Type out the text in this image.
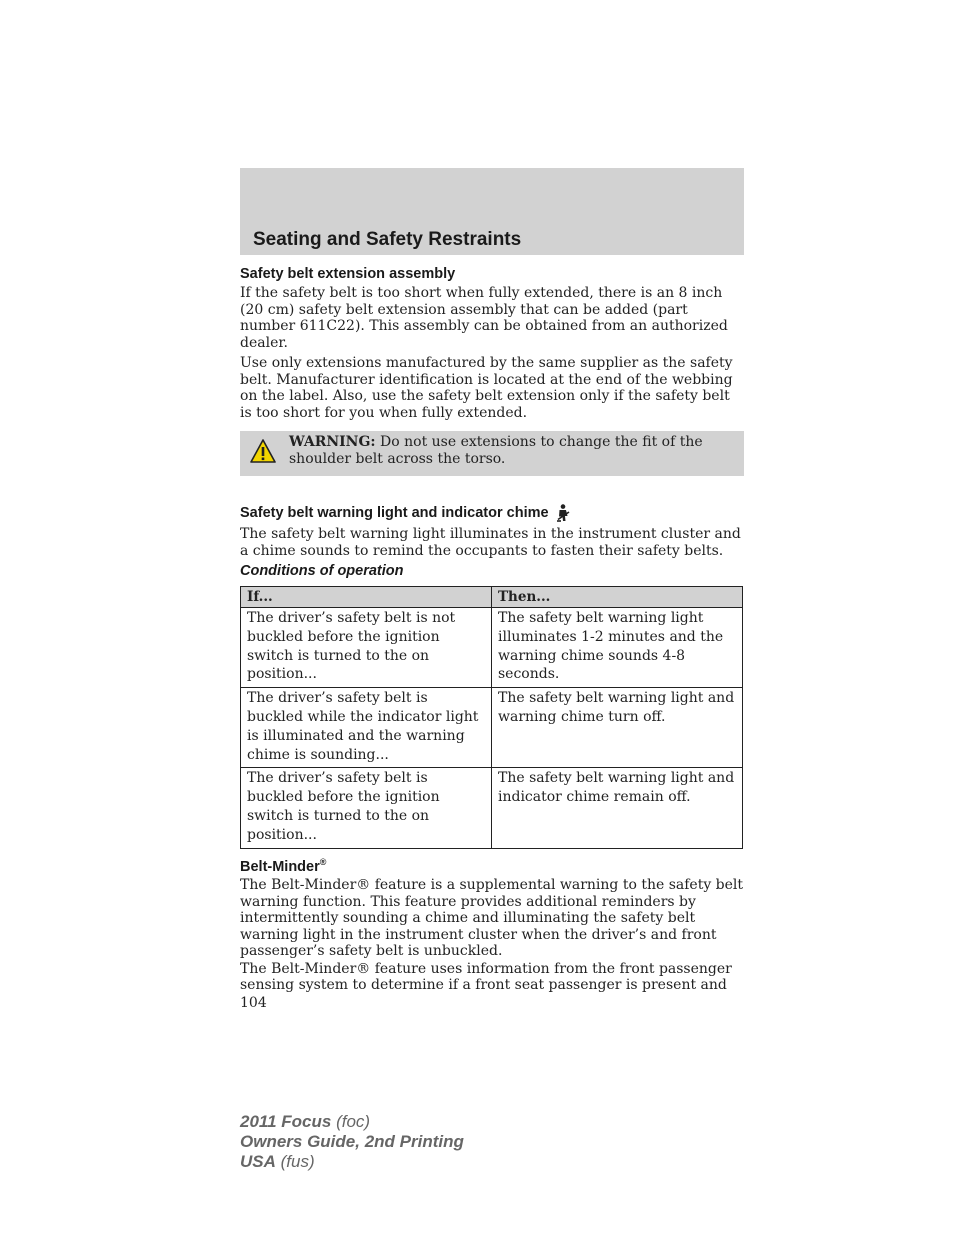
Seating and Safety Restraints
Safety belt extension assembly

If the safety belt is too short when fully extended, there is an 8 inch (20 cm) safety belt extension assembly that can be added (part number 611C22). This assembly can be obtained from an authorized dealer.

Use only extensions manufactured by the same supplier as the safety belt. Manufacturer identification is located at the end of the webbing on the label. Also, use the safety belt extension only if the safety belt is too short for you when fully extended.

WARNING: Do not use extensions to change the fit of the shoulder belt across the torso.
Safety belt warning light and indicator chime

The safety belt warning light illuminates in the instrument cluster and a chime sounds to remind the occupants to fasten their safety belts.

Conditions of operation
If...	Then...
The driver’s safety belt is not buckled before the ignition switch is turned to the on position...	The safety belt warning light illuminates 1-2 minutes and the warning chime sounds 4-8 seconds.
The driver’s safety belt is buckled while the indicator light is illuminated and the warning chime is sounding...	The safety belt warning light and warning chime turn off.
The driver’s safety belt is buckled before the ignition switch is turned to the on position...	The safety belt warning light and indicator chime remain off.
Belt-Minder®

The Belt-Minder® feature is a supplemental warning to the safety belt warning function. This feature provides additional reminders by intermittently sounding a chime and illuminating the safety belt warning light in the instrument cluster when the driver’s and front passenger’s safety belt is unbuckled.

The Belt-Minder® feature uses information from the front passenger sensing system to determine if a front seat passenger is present and

104

2011 Focus (foc)
Owners Guide, 2nd Printing
USA (fus)
